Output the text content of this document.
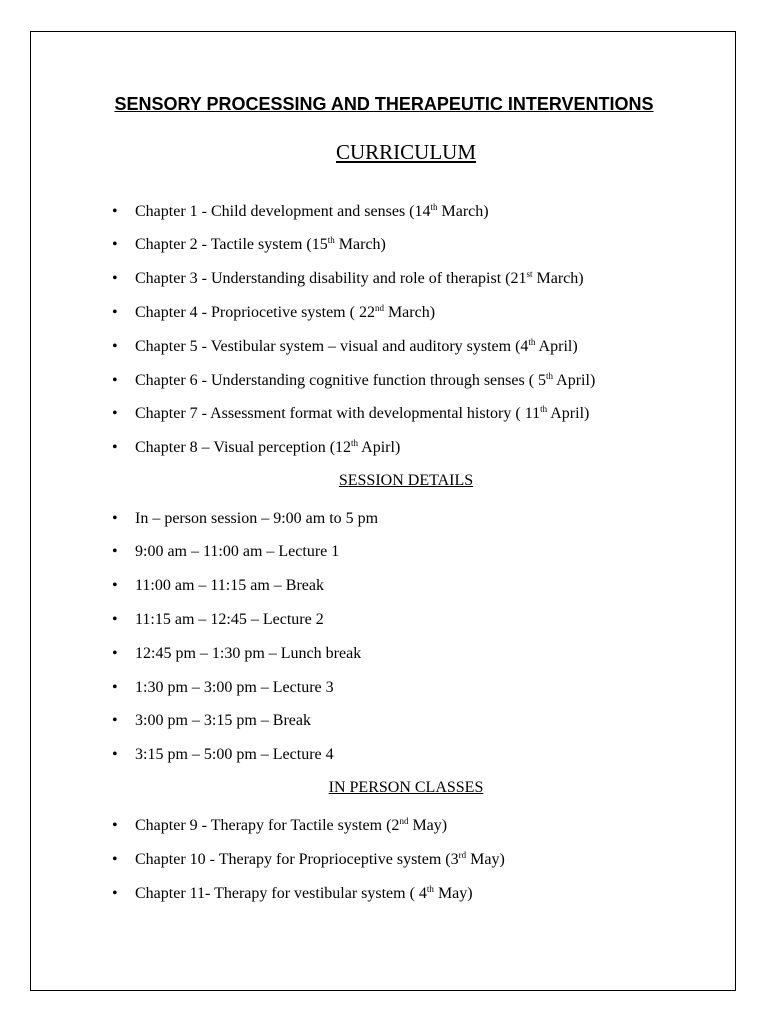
SENSORY PROCESSING AND THERAPEUTIC INTERVENTIONS
CURRICULUM
• Chapter 1 - Child development and senses (14th March)
• Chapter 2 - Tactile system (15th March)
• Chapter 3 - Understanding disability and role of therapist (21st March)
• Chapter 4 - Propriocetive system ( 22nd March)
• Chapter 5 - Vestibular system – visual and auditory system (4th April)
• Chapter 6 - Understanding cognitive function through senses ( 5th April)
• Chapter 7 - Assessment format with developmental history ( 11th April)
• Chapter 8 – Visual perception (12th Apirl)
SESSION DETAILS
• In – person session – 9:00 am to 5 pm
• 9:00 am – 11:00 am – Lecture 1
• 11:00 am – 11:15 am – Break
• 11:15 am – 12:45 – Lecture 2
• 12:45 pm – 1:30 pm – Lunch break
• 1:30 pm – 3:00 pm – Lecture 3
• 3:00 pm – 3:15 pm – Break
• 3:15 pm – 5:00 pm – Lecture 4
IN PERSON CLASSES
• Chapter 9 - Therapy for Tactile system (2nd May)
• Chapter 10 - Therapy for Proprioceptive system (3rd May)
• Chapter 11- Therapy for vestibular system ( 4th May)
